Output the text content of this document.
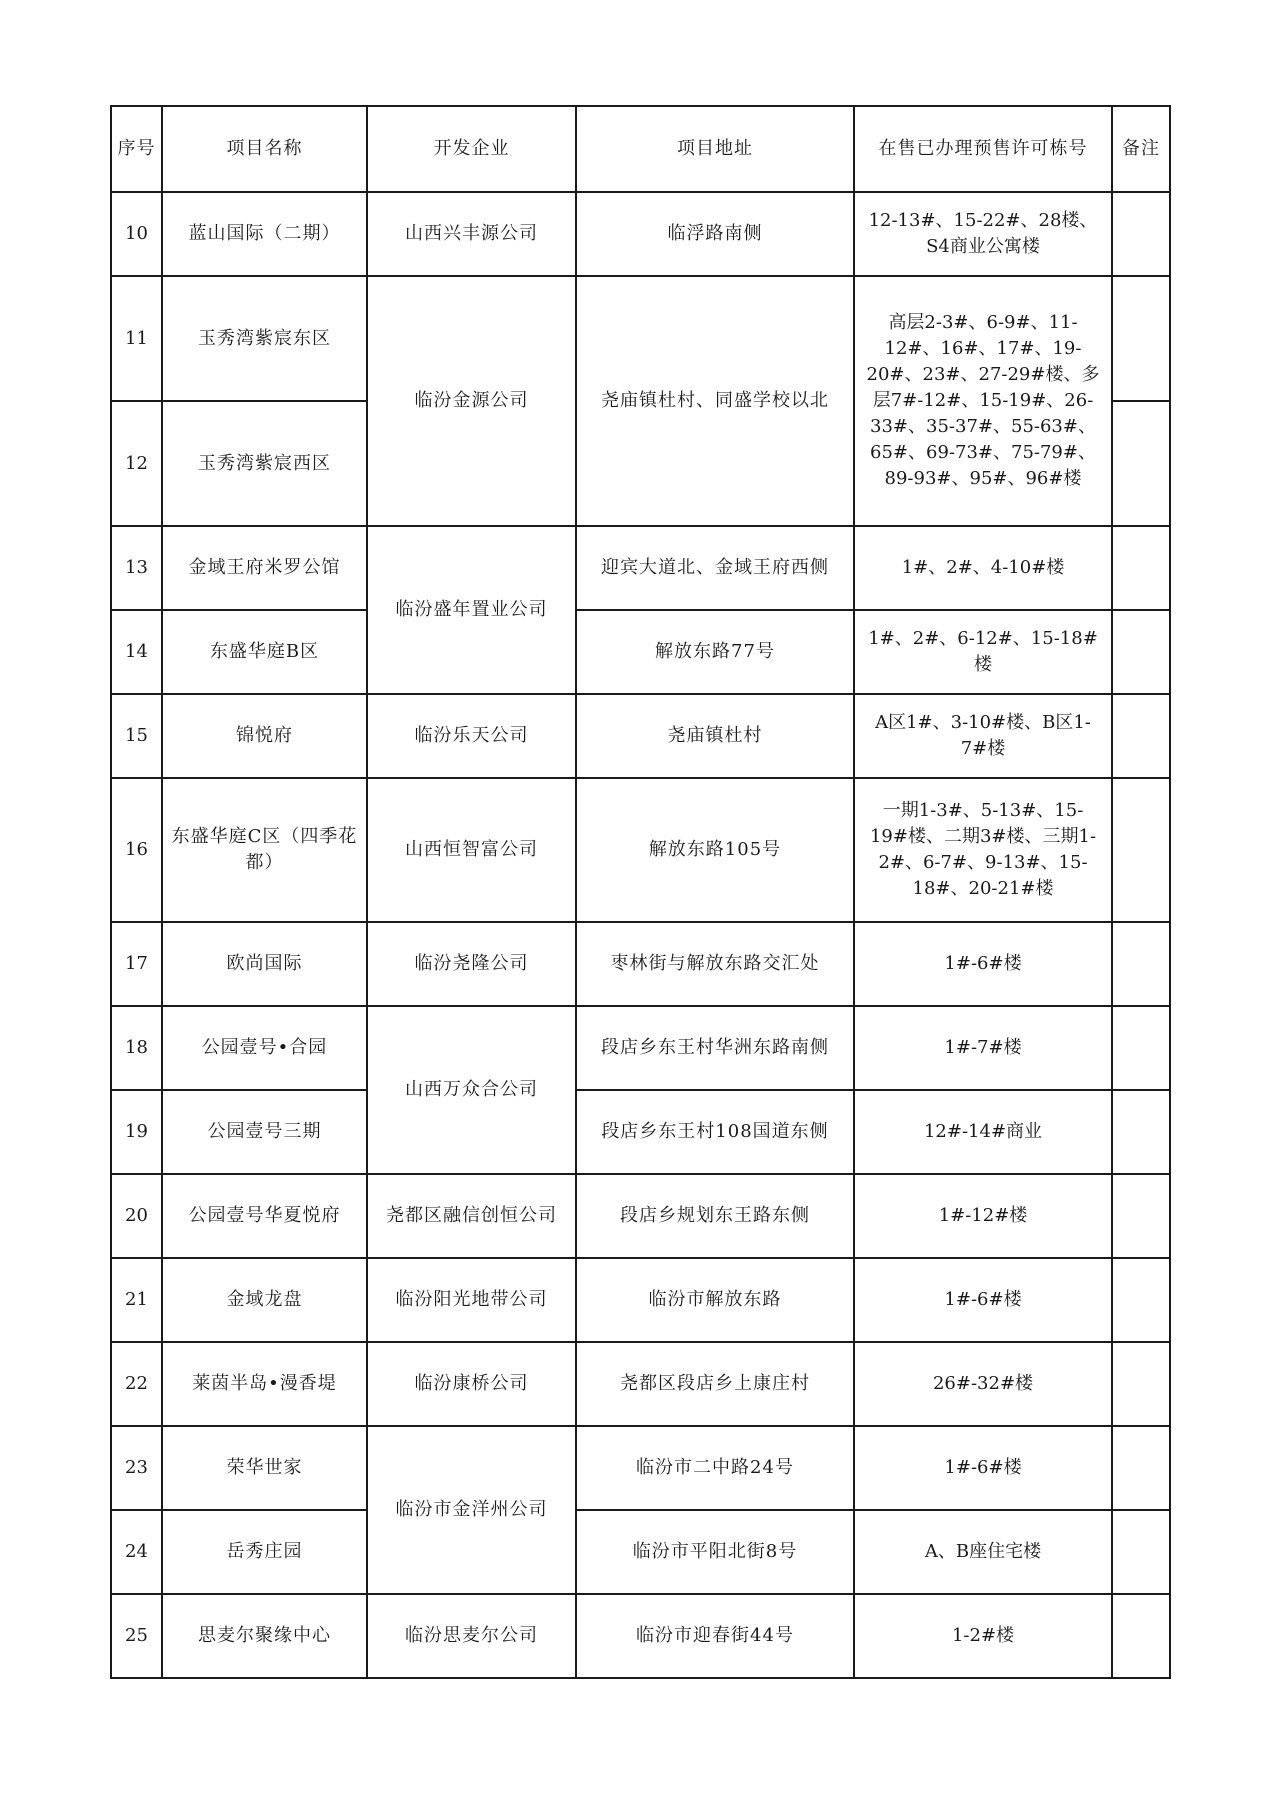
序号	项目名称	开发企业	项目地址	在售已办理预售许可栋号	备注
10	蓝山国际（二期）	山西兴丰源公司	临浮路南侧	12-13#、15-22#、28楼、S4商业公寓楼	
11	玉秀湾紫宸东区	临汾金源公司	尧庙镇杜村、同盛学校以北	高层2-3#、6-9#、11-12#、16#、17#、19-20#、23#、27-29#楼、多层7#-12#、15-19#、26-33#、35-37#、55-63#、65#、69-73#、75-79#、89-93#、95#、96#楼	
12	玉秀湾紫宸西区				
13	金域王府米罗公馆	临汾盛年置业公司	迎宾大道北、金域王府西侧	1#、2#、4-10#楼	
14	东盛华庭B区		解放东路77号	1#、2#、6-12#、15-18#楼	
15	锦悦府	临汾乐天公司	尧庙镇杜村	A区1#、3-10#楼、B区1-7#楼	
16	东盛华庭C区（四季花都）	山西恒智富公司	解放东路105号	一期1-3#、5-13#、15-19#楼、二期3#楼、三期1-2#、6-7#、9-13#、15-18#、20-21#楼	
17	欧尚国际	临汾尧隆公司	枣林街与解放东路交汇处	1#-6#楼	
18	公园壹号•合园	山西万众合公司	段店乡东王村华洲东路南侧	1#-7#楼	
19	公园壹号三期		段店乡东王村108国道东侧	12#-14#商业	
20	公园壹号华夏悦府	尧都区融信创恒公司	段店乡规划东王路东侧	1#-12#楼	
21	金域龙盘	临汾阳光地带公司	临汾市解放东路	1#-6#楼	
22	莱茵半岛•漫香堤	临汾康桥公司	尧都区段店乡上康庄村	26#-32#楼	
23	荣华世家	临汾市金洋州公司	临汾市二中路24号	1#-6#楼	
24	岳秀庄园		临汾市平阳北街8号	A、B座住宅楼	
25	思麦尔聚缘中心	临汾思麦尔公司	临汾市迎春街44号	1-2#楼	
